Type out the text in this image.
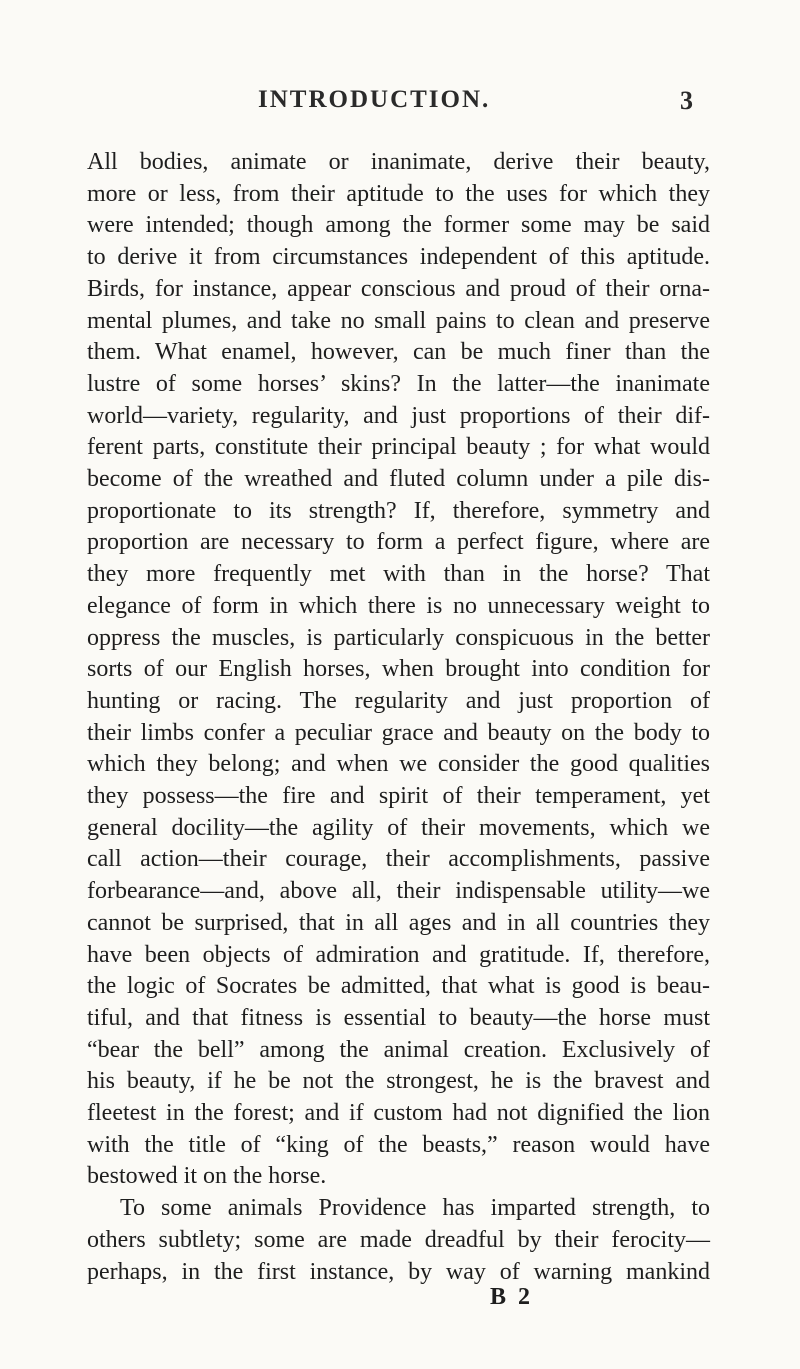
INTRODUCTION.	3
All bodies, animate or inanimate, derive their beauty,
more or less, from their aptitude to the uses for which they
were intended; though among the former some may be said
to derive it from circumstances independent of this aptitude.
Birds, for instance, appear conscious and proud of their orna-
mental plumes, and take no small pains to clean and preserve
them. What enamel, however, can be much finer than the
lustre of some horses’ skins? In the latter—the inanimate
world—variety, regularity, and just proportions of their dif-
ferent parts, constitute their principal beauty ; for what would
become of the wreathed and fluted column under a pile dis-
proportionate to its strength? If, therefore, symmetry and
proportion are necessary to form a perfect figure, where are
they more frequently met with than in the horse? That
elegance of form in which there is no unnecessary weight to
oppress the muscles, is particularly conspicuous in the better
sorts of our English horses, when brought into condition for
hunting or racing. The regularity and just proportion of
their limbs confer a peculiar grace and beauty on the body to
which they belong; and when we consider the good qualities
they possess—the fire and spirit of their temperament, yet
general docility—the agility of their movements, which we
call action—their courage, their accomplishments, passive
forbearance—and, above all, their indispensable utility—we
cannot be surprised, that in all ages and in all countries they
have been objects of admiration and gratitude. If, therefore,
the logic of Socrates be admitted, that what is good is beau-
tiful, and that fitness is essential to beauty—the horse must
“bear the bell” among the animal creation. Exclusively of
his beauty, if he be not the strongest, he is the bravest and
fleetest in the forest; and if custom had not dignified the lion
with the title of “king of the beasts,” reason would have
bestowed it on the horse.
To some animals Providence has imparted strength, to
others subtlety; some are made dreadful by their ferocity—
perhaps, in the first instance, by way of warning mankind
B 2
